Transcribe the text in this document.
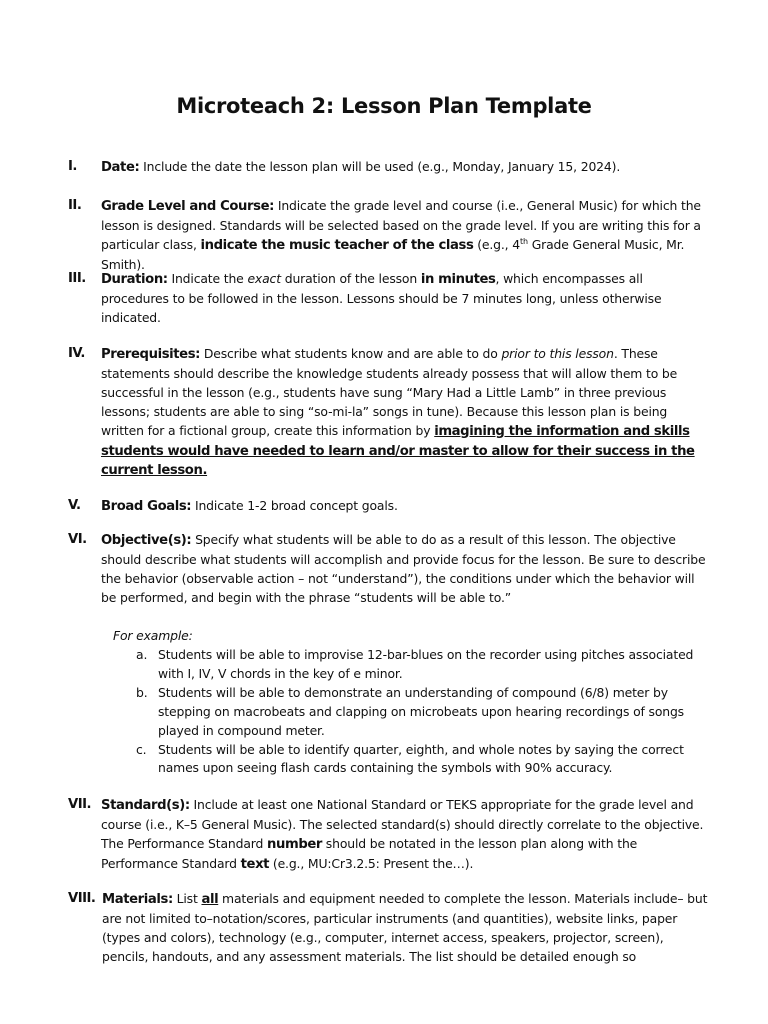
Microteach 2: Lesson Plan Template
I. Date: Include the date the lesson plan will be used (e.g., Monday, January 15, 2024).
II. Grade Level and Course: Indicate the grade level and course (i.e., General Music) for which the lesson is designed. Standards will be selected based on the grade level. If you are writing this for a particular class, indicate the music teacher of the class (e.g., 4th Grade General Music, Mr. Smith).
III. Duration: Indicate the exact duration of the lesson in minutes, which encompasses all procedures to be followed in the lesson. Lessons should be 7 minutes long, unless otherwise indicated.
IV. Prerequisites: Describe what students know and are able to do prior to this lesson. These statements should describe the knowledge students already possess that will allow them to be successful in the lesson (e.g., students have sung “Mary Had a Little Lamb” in three previous lessons; students are able to sing “so-mi-la” songs in tune). Because this lesson plan is being written for a fictional group, create this information by imagining the information and skills students would have needed to learn and/or master to allow for their success in the current lesson.
V. Broad Goals: Indicate 1-2 broad concept goals.
VI. Objective(s): Specify what students will be able to do as a result of this lesson. The objective should describe what students will accomplish and provide focus for the lesson. Be sure to describe the behavior (observable action – not “understand”), the conditions under which the behavior will be performed, and begin with the phrase “students will be able to.”
For example:
a. Students will be able to improvise 12-bar-blues on the recorder using pitches associated with I, IV, V chords in the key of e minor.
b. Students will be able to demonstrate an understanding of compound (6/8) meter by stepping on macrobeats and clapping on microbeats upon hearing recordings of songs played in compound meter.
c. Students will be able to identify quarter, eighth, and whole notes by saying the correct names upon seeing flash cards containing the symbols with 90% accuracy.
VII. Standard(s): Include at least one National Standard or TEKS appropriate for the grade level and course (i.e., K–5 General Music). The selected standard(s) should directly correlate to the objective. The Performance Standard number should be notated in the lesson plan along with the Performance Standard text (e.g., MU:Cr3.2.5: Present the…).
VIII. Materials: List all materials and equipment needed to complete the lesson. Materials include– but are not limited to–notation/scores, particular instruments (and quantities), website links, paper (types and colors), technology (e.g., computer, internet access, speakers, projector, screen), pencils, handouts, and any assessment materials. The list should be detailed enough so
